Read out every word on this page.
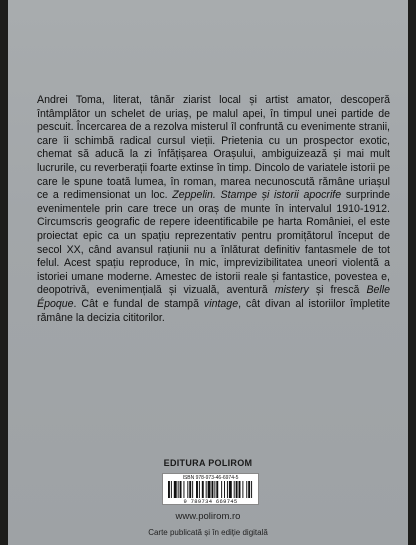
Andrei Toma, literat, tânăr ziarist local și artist amator, descoperă întâmplător un schelet de uriaș, pe malul apei, în timpul unei partide de pescuit. Încercarea de a rezolva misterul îl confruntă cu evenimente stranii, care îi schimbă radical cursul vieții. Prietenia cu un prospector exotic, chemat să aducă la zi înfățișarea Orașului, ambiguizează și mai mult lucrurile, cu reverberații foarte extinse în timp. Dincolo de variatele istorii pe care le spune toată lumea, în roman, marea necunoscută rămâne uriașul ce a redimensionat un loc. Zeppelin. Stampe și istorii apocrife surprinde evenimentele prin care trece un oraș de munte în intervalul 1910-1912. Circumscris geografic de repere ideentificabile pe harta României, el este proiectat epic ca un spațiu reprezentativ pentru promițătorul început de secol XX, când avansul rațiunii nu a înlăturat definitiv fantasmele de tot felul. Acest spațiu reproduce, în mic, imprevizibilitatea uneori violentă a istoriei umane moderne. Amestec de istorii reale și fantastice, povestea e, deopotrivă, evenimențială și vizuală, aventură mistery și frescă Belle Époque. Cât e fundal de stampă vintage, cât divan al istoriilor împletite rămâne la decizia cititorilor.

EDITURA POLIROM
ISBN 978-973-46-6974-5
9 789734 669745
www.polirom.ro
Carte publicată și în ediție digitală
